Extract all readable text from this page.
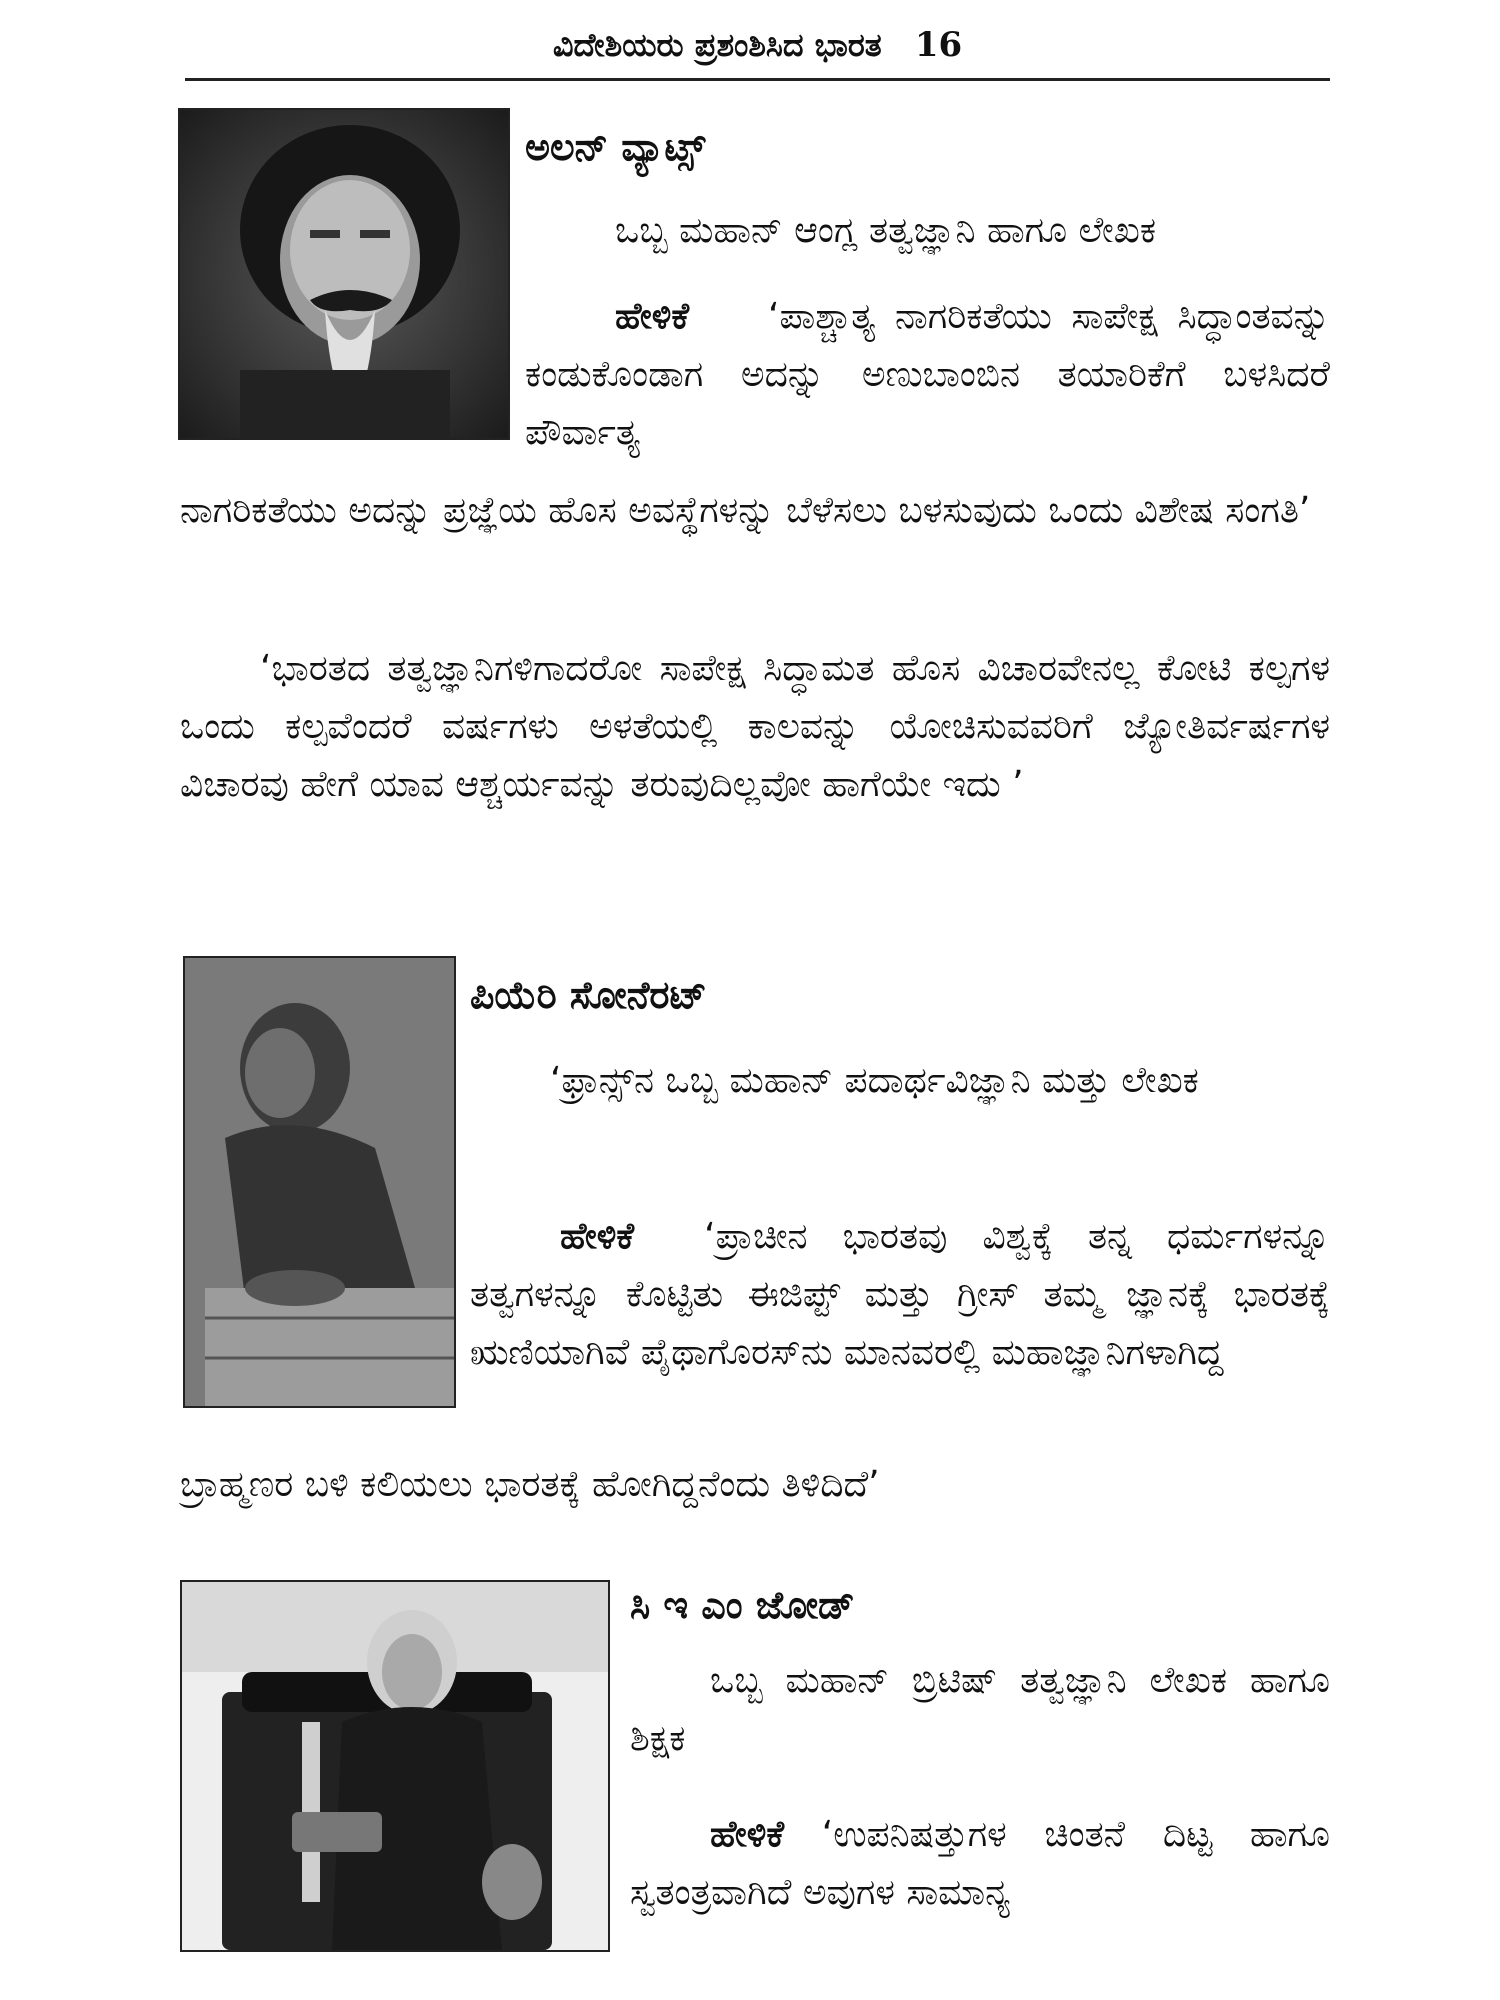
ವಿದೇಶಿಯರು ಪ್ರಶಂಶಿಸಿದ ಭಾರತ 16

ಅಲನ್ ವ್ಯಾಟ್ಸ್

ಒಬ್ಬ ಮಹಾನ್ ಆಂಗ್ಲ ತತ್ವಜ್ಞಾನಿ ಹಾಗೂ ಲೇಖಕ

ಹೇಳಿಕೆ ‘ಪಾಶ್ಚಾತ್ಯ ನಾಗರಿಕತೆಯು ಸಾಪೇಕ್ಷ ಸಿದ್ಧಾಂತವನ್ನು ಕಂಡುಕೊಂಡಾಗ ಅದನ್ನು ಅಣುಬಾಂಬಿನ ತಯಾರಿಕೆಗೆ ಬಳಸಿದರೆ ಪೌರ್ವಾತ್ಯ

ನಾಗರಿಕತೆಯು ಅದನ್ನು ಪ್ರಜ್ಞೆಯ ಹೊಸ ಅವಸ್ಥೆಗಳನ್ನು ಬೆಳೆಸಲು ಬಳಸುವುದು ಒಂದು ವಿಶೇಷ ಸಂಗತಿ’

‘ಭಾರತದ ತತ್ವಜ್ಞಾನಿಗಳಿಗಾದರೋ ಸಾಪೇಕ್ಷ ಸಿದ್ಧಾಮತ ಹೊಸ ವಿಚಾರವೇನಲ್ಲ ಕೋಟಿ ಕಲ್ಪಗಳ ಒಂದು ಕಲ್ಪವೆಂದರೆ ವರ್ಷಗಳು ಅಳತೆಯಲ್ಲಿ ಕಾಲವನ್ನು ಯೋಚಿಸುವವರಿಗೆ ಜ್ಯೋತಿರ್ವರ್ಷಗಳ ವಿಚಾರವು ಹೇಗೆ ಯಾವ ಆಶ್ಚರ್ಯವನ್ನು ತರುವುದಿಲ್ಲವೋ ಹಾಗೆಯೇ ಇದು ’

ಪಿಯೆರಿ ಸೋನೆರಟ್

‘ಫ್ರಾನ್ಸ್‌ನ ಒಬ್ಬ ಮಹಾನ್ ಪದಾರ್ಥವಿಜ್ಞಾನಿ ಮತ್ತು ಲೇಖಕ

ಹೇಳಿಕೆ ‘ಪ್ರಾಚೀನ ಭಾರತವು ವಿಶ್ವಕ್ಕೆ ತನ್ನ ಧರ್ಮಗಳನ್ನೂ ತತ್ವಗಳನ್ನೂ ಕೊಟ್ಟಿತು ಈಜಿಪ್ಟ್ ಮತ್ತು ಗ್ರೀಸ್ ತಮ್ಮ ಜ್ಞಾನಕ್ಕೆ ಭಾರತಕ್ಕೆ ಋಣಿಯಾಗಿವೆ ಪೈಥಾಗೊರಸ್‌ನು ಮಾನವರಲ್ಲಿ ಮಹಾಜ್ಞಾನಿಗಳಾಗಿದ್ದ

ಬ್ರಾಹ್ಮಣರ ಬಳಿ ಕಲಿಯಲು ಭಾರತಕ್ಕೆ ಹೋಗಿದ್ದನೆಂದು ತಿಳಿದಿದೆ’

ಸಿ ಇ ಎಂ ಜೋಡ್

ಒಬ್ಬ ಮಹಾನ್ ಬ್ರಿಟಿಷ್ ತತ್ವಜ್ಞಾನಿ ಲೇಖಕ ಹಾಗೂ ಶಿಕ್ಷಕ

ಹೇಳಿಕೆ ‘ಉಪನಿಷತ್ತುಗಳ ಚಿಂತನೆ ದಿಟ್ಟ ಹಾಗೂ ಸ್ವತಂತ್ರವಾಗಿದೆ ಅವುಗಳ ಸಾಮಾನ್ಯ
